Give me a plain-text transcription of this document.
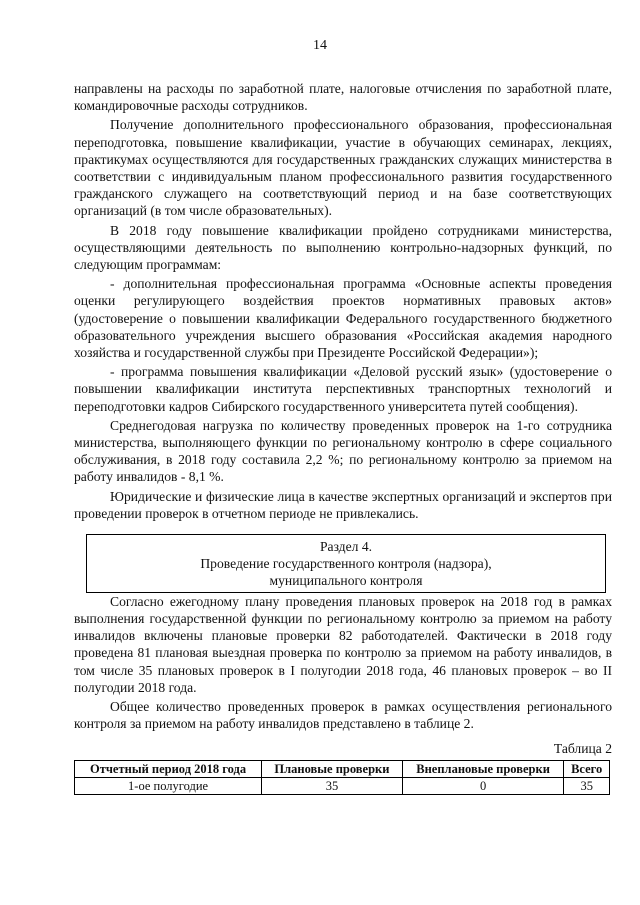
14

направлены на расходы по заработной плате, налоговые отчисления по заработной плате, командировочные расходы сотрудников.

Получение дополнительного профессионального образования, профессиональная переподготовка, повышение квалификации, участие в обучающих семинарах, лекциях, практикумах осуществляются для государственных гражданских служащих министерства в соответствии с индивидуальным планом профессионального развития государственного гражданского служащего на соответствующий период и на базе соответствующих организаций (в том числе образовательных).

В 2018 году повышение квалификации пройдено сотрудниками министерства, осуществляющими деятельность по выполнению контрольно-надзорных функций, по следующим программам:

- дополнительная профессиональная программа «Основные аспекты проведения оценки регулирующего воздействия проектов нормативных правовых актов» (удостоверение о повышении квалификации Федерального государственного бюджетного образовательного учреждения высшего образования «Российская академия народного хозяйства и государственной службы при Президенте Российской Федерации»);

- программа повышения квалификации «Деловой русский язык» (удостоверение о повышении квалификации института перспективных транспортных технологий и переподготовки кадров Сибирского государственного университета путей сообщения).

Среднегодовая нагрузка по количеству проведенных проверок на 1-го сотрудника министерства, выполняющего функции по региональному контролю в сфере социального обслуживания, в 2018 году составила 2,2 %; по региональному контролю за приемом на работу инвалидов - 8,1 %.

Юридические и физические лица в качестве экспертных организаций и экспертов при проведении проверок в отчетном периоде не привлекались.

Раздел 4.
Проведение государственного контроля (надзора),
муниципального контроля

Согласно ежегодному плану проведения плановых проверок на 2018 год в рамках выполнения государственной функции по региональному контролю за приемом на работу инвалидов включены плановые проверки 82 работодателей. Фактически в 2018 году проведена 81 плановая выездная проверка по контролю за приемом на работу инвалидов, в том числе 35 плановых проверок в I полугодии 2018 года, 46 плановых проверок – во II полугодии 2018 года.

Общее количество проведенных проверок в рамках осуществления регионального контроля за приемом на работу инвалидов представлено в таблице 2.

Таблица 2
Отчетный период 2018 года	Плановые проверки	Внеплановые проверки	Всего
1-ое полугодие	35	0	35
